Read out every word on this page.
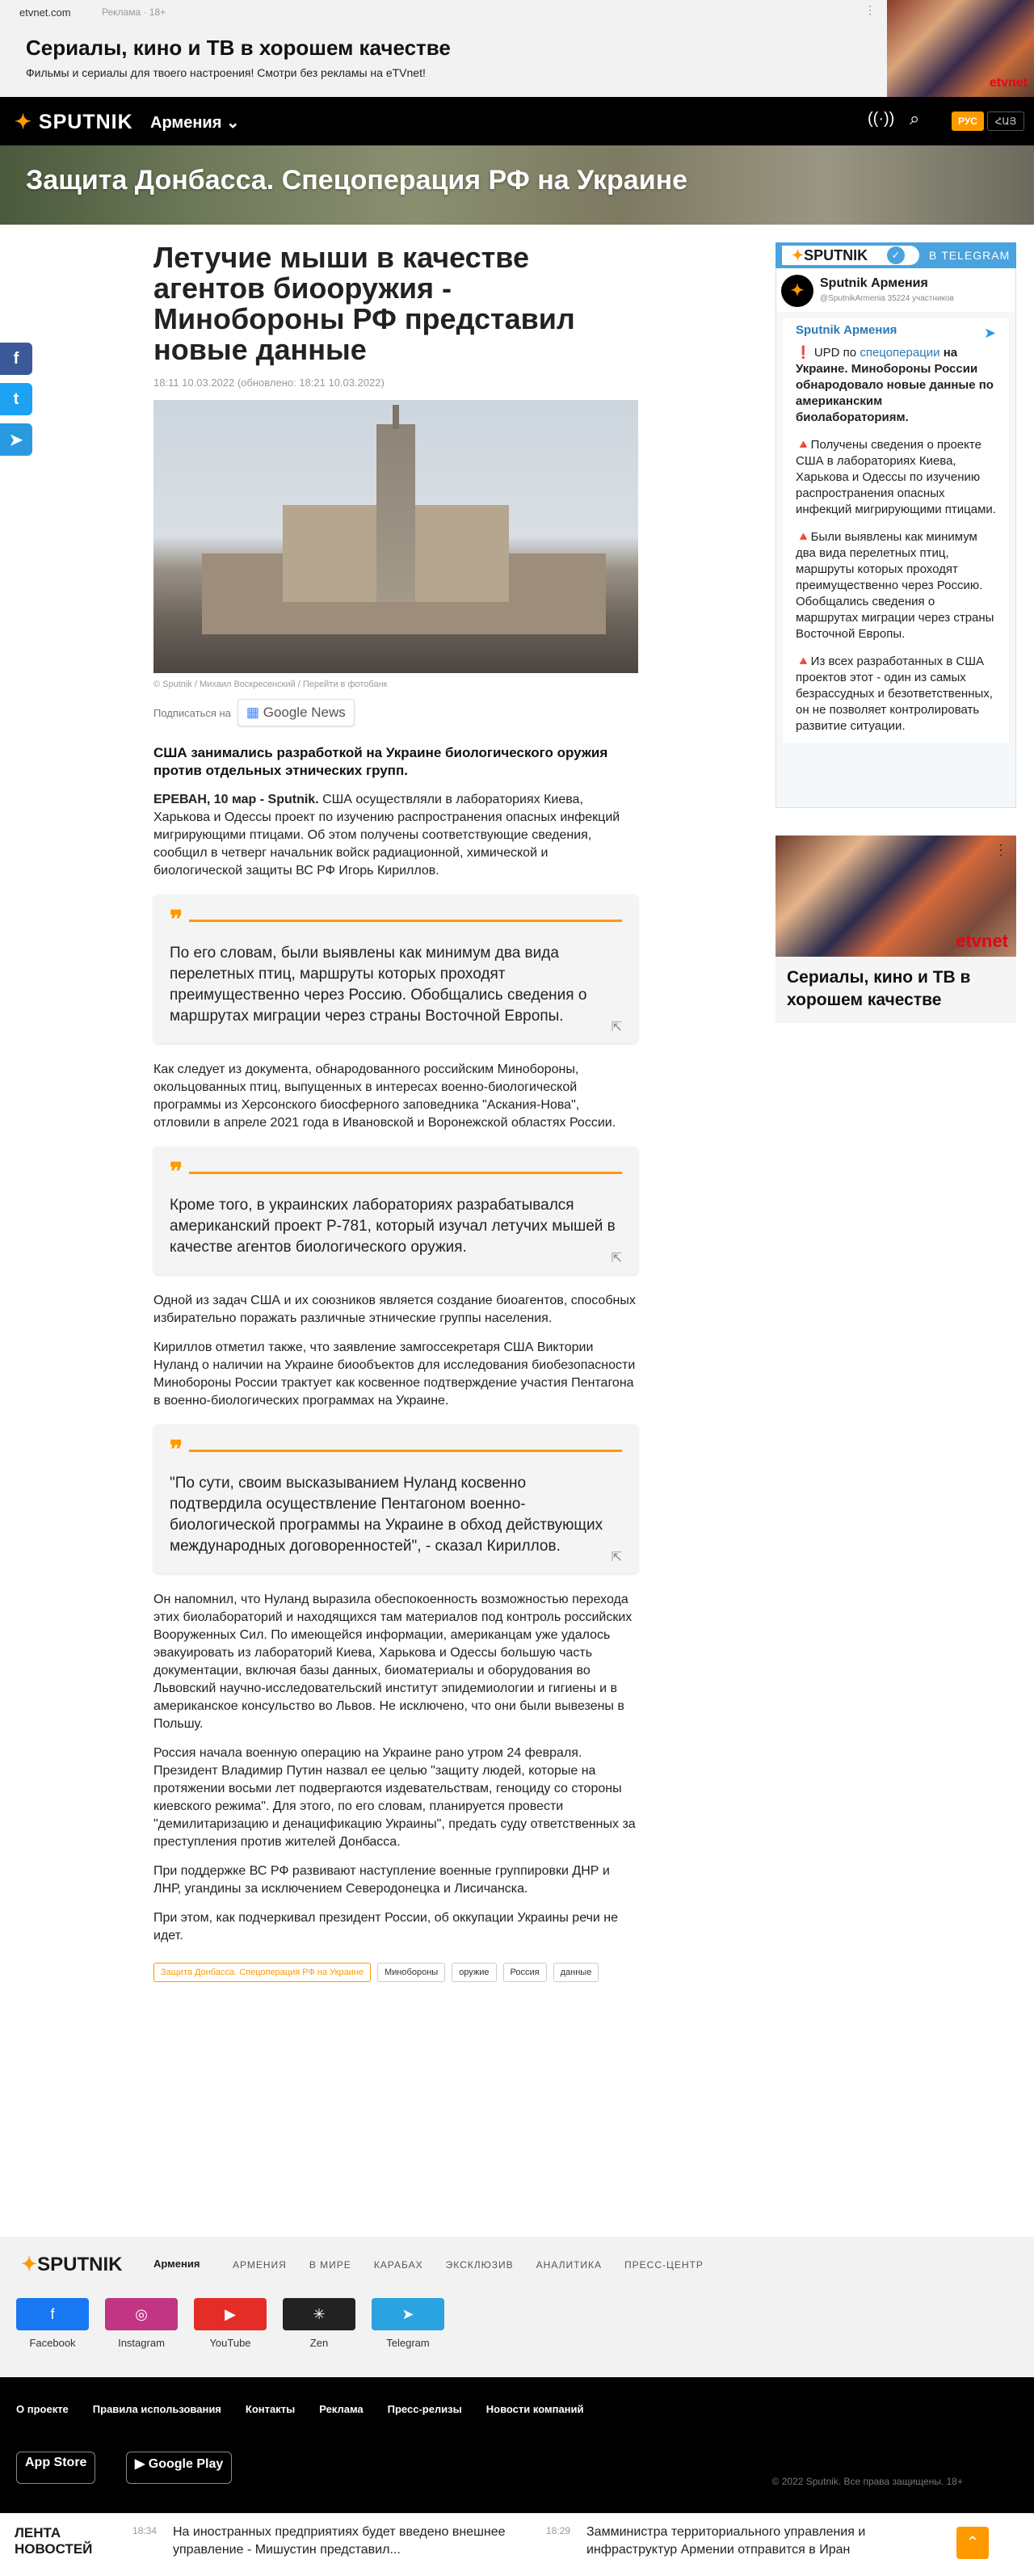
etvnet.com	Реклама · 18+	⋮
Сериалы, кино и ТВ в хорошем качестве
Фильмы и сериалы для твоего настроения! Смотри без рекламы на eTVnet!
etvnet
✦ SPUTNIK Армения ⌄	((·)) ⌕	РУС	ՀԱՅ
Защита Донбасса. Спецоперация РФ на Украине
f
t
➤
Летучие мыши в качестве агентов биооружия - Минобороны РФ представил новые данные
18:11 10.03.2022 (обновлено: 18:21 10.03.2022)
© Sputnik / Михаил Воскресенский / Перейти в фотобанк
Подписаться на	▦ Google News
США занимались разработкой на Украине биологического оружия против отдельных этнических групп.

ЕРЕВАН, 10 мар - Sputnik. США осуществляли в лабораториях Киева, Харькова и Одессы проект по изучению распространения опасных инфекций мигрирующими птицами. Об этом получены соответствующие сведения, сообщил в четверг начальник войск радиационной, химической и биологической защиты ВС РФ Игорь Кириллов.

❞
По его словам, были выявлены как минимум два вида перелетных птиц, маршруты которых проходят преимущественно через Россию. Обобщались сведения о маршрутах миграции через страны Восточной Европы.
⇱

Как следует из документа, обнародованного российским Минобороны, окольцованных птиц, выпущенных в интересах военно-биологической программы из Херсонского биосферного заповедника "Аскания-Нова", отловили в апреле 2021 года в Ивановской и Воронежской областях России.

❞
Кроме того, в украинских лабораториях разрабатывался американский проект Р-781, который изучал летучих мышей в качестве агентов биологического оружия.
⇱

Одной из задач США и их союзников является создание биоагентов, способных избирательно поражать различные этнические группы населения.

Кириллов отметил также, что заявление замгоссекретаря США Виктории Нуланд о наличии на Украине биообъектов для исследования биобезопасности Минобороны России трактует как косвенное подтверждение участия Пентагона в военно-биологических программах на Украине.

❞
"По сути, своим высказыванием Нуланд косвенно подтвердила осуществление Пентагоном военно-биологической программы на Украине в обход действующих международных договоренностей", - сказал Кириллов.
⇱

Он напомнил, что Нуланд выразила обеспокоенность возможностью перехода этих биолабораторий и находящихся там материалов под контроль российских Вооруженных Сил. По имеющейся информации, американцам уже удалось эвакуировать из лабораторий Киева, Харькова и Одессы большую часть документации, включая базы данных, биоматериалы и оборудования во Львовский научно-исследовательский институт эпидемиологии и гигиены и в американское консульство во Львов. Не исключено, что они были вывезены в Польшу.

Россия начала военную операцию на Украине рано утром 24 февраля. Президент Владимир Путин назвал ее целью "защиту людей, которые на протяжении восьми лет подвергаются издевательствам, геноциду со стороны киевского режима". Для этого, по его словам, планируется провести "демилитаризацию и денацификацию Украины", предать суду ответственных за преступления против жителей Донбасса.

При поддержке ВС РФ развивают наступление военные группировки ДНР и ЛНР, угандины за исключением Северодонецка и Лисичанска.

При этом, как подчеркивал президент России, об оккупации Украины речи не идет.

Защита Донбасса. Спецоперация РФ на Украине	Минобороны	оружие	Россия	данные
✦SPUTNIK	✓	В TELEGRAM
✦	Sputnik Армения
@SputnikArmenia 35224 участников
Sputnik Армения	➤

❗️ UPD по спецоперации на Украине. Минобороны России обнародовало новые данные по американским биолабораториям.

🔺Получены сведения о проекте США в лабораториях Киева, Харькова и Одессы по изучению распространения опасных инфекций мигрирующими птицами.

🔺Были выявлены как минимум два вида перелетных птиц, маршруты которых проходят преимущественно через Россию. Обобщались сведения о маршрутах миграции через страны Восточной Европы.

🔺Из всех разработанных в США проектов этот - один из самых безрассудных и безответственных, он не позволяет контролировать развитие ситуации.

etvnet
⋮
Сериалы, кино и ТВ в хорошем качестве
✦SPUTNIK	Армения	АРМЕНИЯ В МИРЕ КАРАБАХ ЭКСКЛЮЗИВ АНАЛИТИКА ПРЕСС-ЦЕНТР
f
Facebook
◎
Instagram
▶
YouTube
✳
Zen
➤
Telegram
О проекте Правила использования Контакты Реклама Пресс-релизы Новости компаний
App Store	▶ Google Play
© 2022 Sputnik. Все права защищены. 18+
ЛЕНТА НОВОСТЕЙ
18:34 На иностранных предприятиях будет введено внешнее управление - Мишустин представил...
18:29 Замминистра территориального управления и инфраструктур Армении отправится в Иран	⌃
